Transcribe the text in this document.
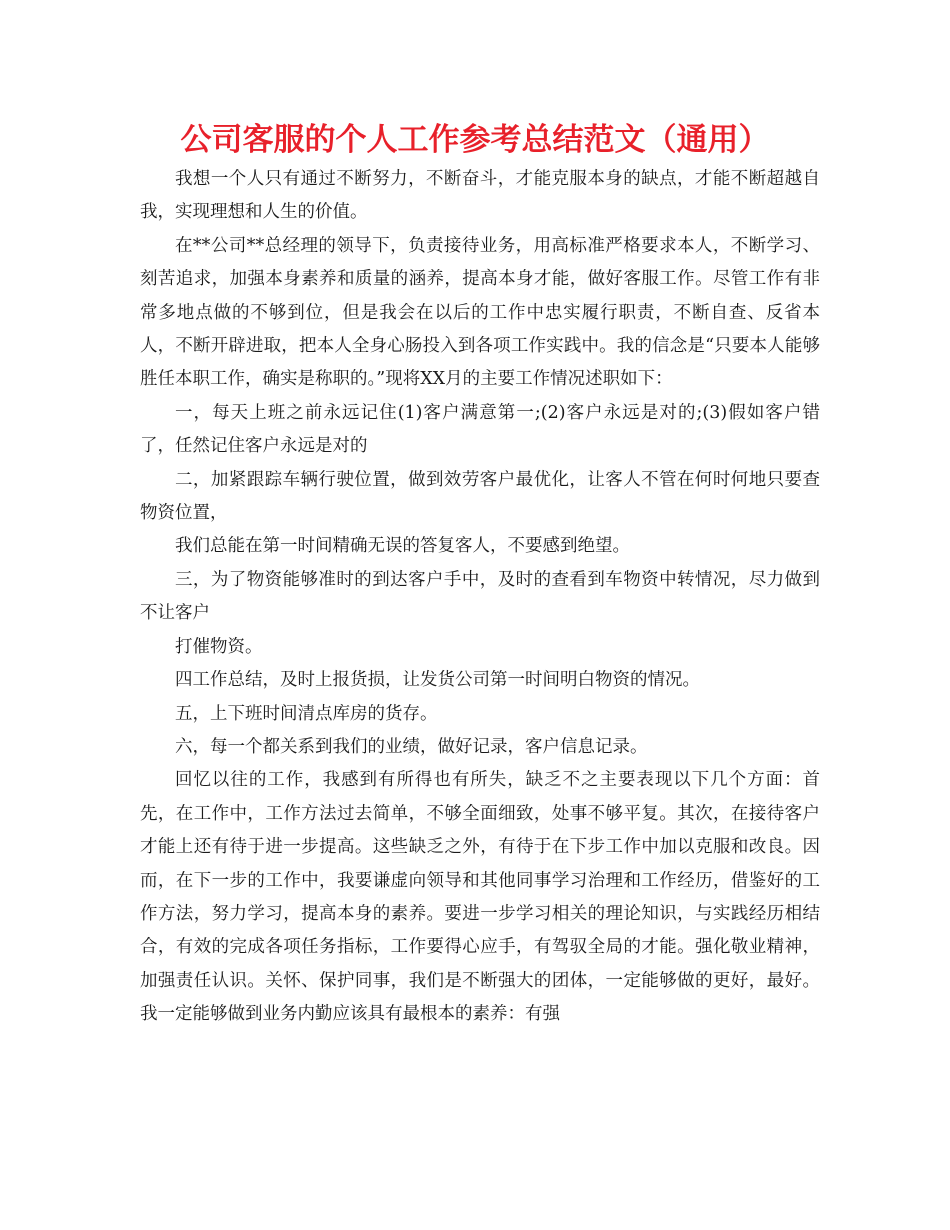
公司客服的个人工作参考总结范文（通用）

我想一个人只有通过不断努力，不断奋斗，才能克服本身的缺点，才能不断超越自我，实现理想和人生的价值。

在**公司**总经理的领导下，负责接待业务，用高标准严格要求本人，不断学习、刻苦追求，加强本身素养和质量的涵养，提高本身才能，做好客服工作。尽管工作有非常多地点做的不够到位，但是我会在以后的工作中忠实履行职责，不断自查、反省本人，不断开辟进取，把本人全身心肠投入到各项工作实践中。我的信念是“只要本人能够胜任本职工作，确实是称职的。”现将XX月的主要工作情况述职如下：

一，每天上班之前永远记住(1)客户满意第一;(2)客户永远是对的;(3)假如客户错了，任然记住客户永远是对的

二，加紧跟踪车辆行驶位置，做到效劳客户最优化，让客人不管在何时何地只要查物资位置，

我们总能在第一时间精确无误的答复客人，不要感到绝望。

三，为了物资能够准时的到达客户手中，及时的查看到车物资中转情况，尽力做到不让客户

打催物资。

四工作总结，及时上报货损，让发货公司第一时间明白物资的情况。

五，上下班时间清点库房的货存。

六，每一个都关系到我们的业绩，做好记录，客户信息记录。

回忆以往的工作，我感到有所得也有所失，缺乏不之主要表现以下几个方面：首先，在工作中，工作方法过去简单，不够全面细致，处事不够平复。其次，在接待客户才能上还有待于进一步提高。这些缺乏之外，有待于在下步工作中加以克服和改良。因而，在下一步的工作中，我要谦虚向领导和其他同事学习治理和工作经历，借鉴好的工作方法，努力学习，提高本身的素养。要进一步学习相关的理论知识，与实践经历相结合，有效的完成各项任务指标，工作要得心应手，有驾驭全局的才能。强化敬业精神，加强责任认识。关怀、保护同事，我们是不断强大的团体，一定能够做的更好，最好。我一定能够做到业务内勤应该具有最根本的素养：有强
